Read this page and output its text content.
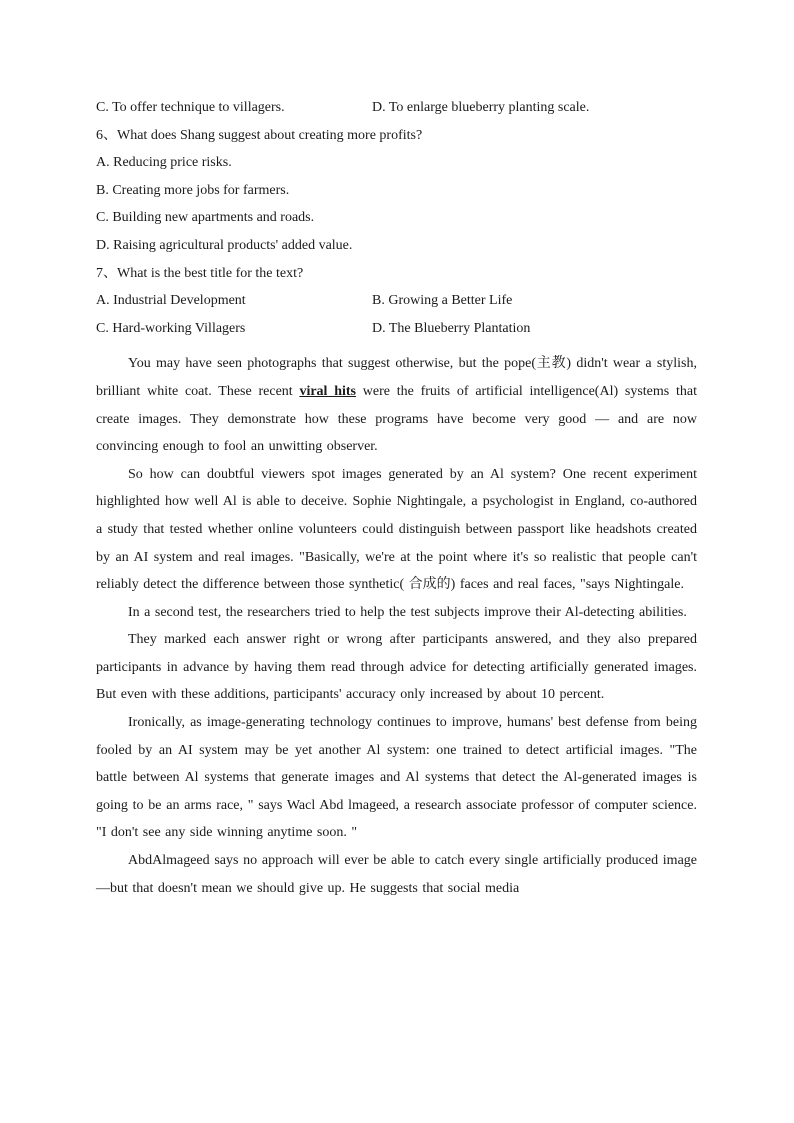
C. To offer technique to villagers.	D. To enlarge blueberry planting scale.
6、What does Shang suggest about creating more profits?
A. Reducing price risks.
B. Creating more jobs for farmers.
C. Building new apartments and roads.
D. Raising agricultural products' added value.
7、What is the best title for the text?
A. Industrial Development	B. Growing a Better Life
C. Hard-working Villagers	D. The Blueberry Plantation

You may have seen photographs that suggest otherwise, but the pope(主教) didn't wear a stylish, brilliant white coat. These recent viral hits were the fruits of artificial intelligence(Al) systems that create images. They demonstrate how these programs have become very good — and are now convincing enough to fool an unwitting observer.

So how can doubtful viewers spot images generated by an Al system? One recent experiment highlighted how well Al is able to deceive. Sophie Nightingale, a psychologist in England, co-authored a study that tested whether online volunteers could distinguish between passport like headshots created by an AI system and real images. "Basically, we're at the point where it's so realistic that people can't reliably detect the difference between those synthetic( 合成的) faces and real faces, "says Nightingale.

In a second test, the researchers tried to help the test subjects improve their Al-detecting abilities.

They marked each answer right or wrong after participants answered, and they also prepared participants in advance by having them read through advice for detecting artificially generated images. But even with these additions, participants' accuracy only increased by about 10 percent.

Ironically, as image-generating technology continues to improve, humans' best defense from being fooled by an AI system may be yet another Al system: one trained to detect artificial images. "The battle between Al systems that generate images and Al systems that detect the Al-generated images is going to be an arms race, " says Wacl Abd lmageed, a research associate professor of computer science. "I don't see any side winning anytime soon. "

AbdAlmageed says no approach will ever be able to catch every single artificially produced image —but that doesn't mean we should give up. He suggests that social media
